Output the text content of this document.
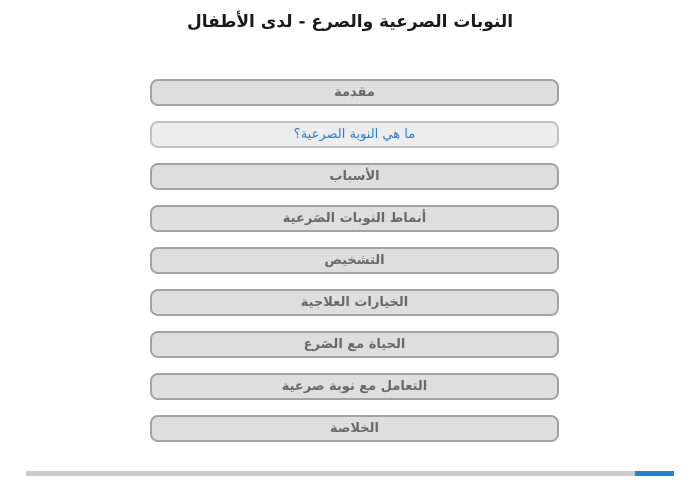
النوبات الصرعية والصرع - لدى الأطفال
مقدمة
ما هي النوبة الصرعية؟
الأسباب
أنماط النوبات الصَرعية
التشخيص
الخيارات العلاجية
الحياة مع الصَرع
التعامل مع نوبة صرعية
الخلاصة
